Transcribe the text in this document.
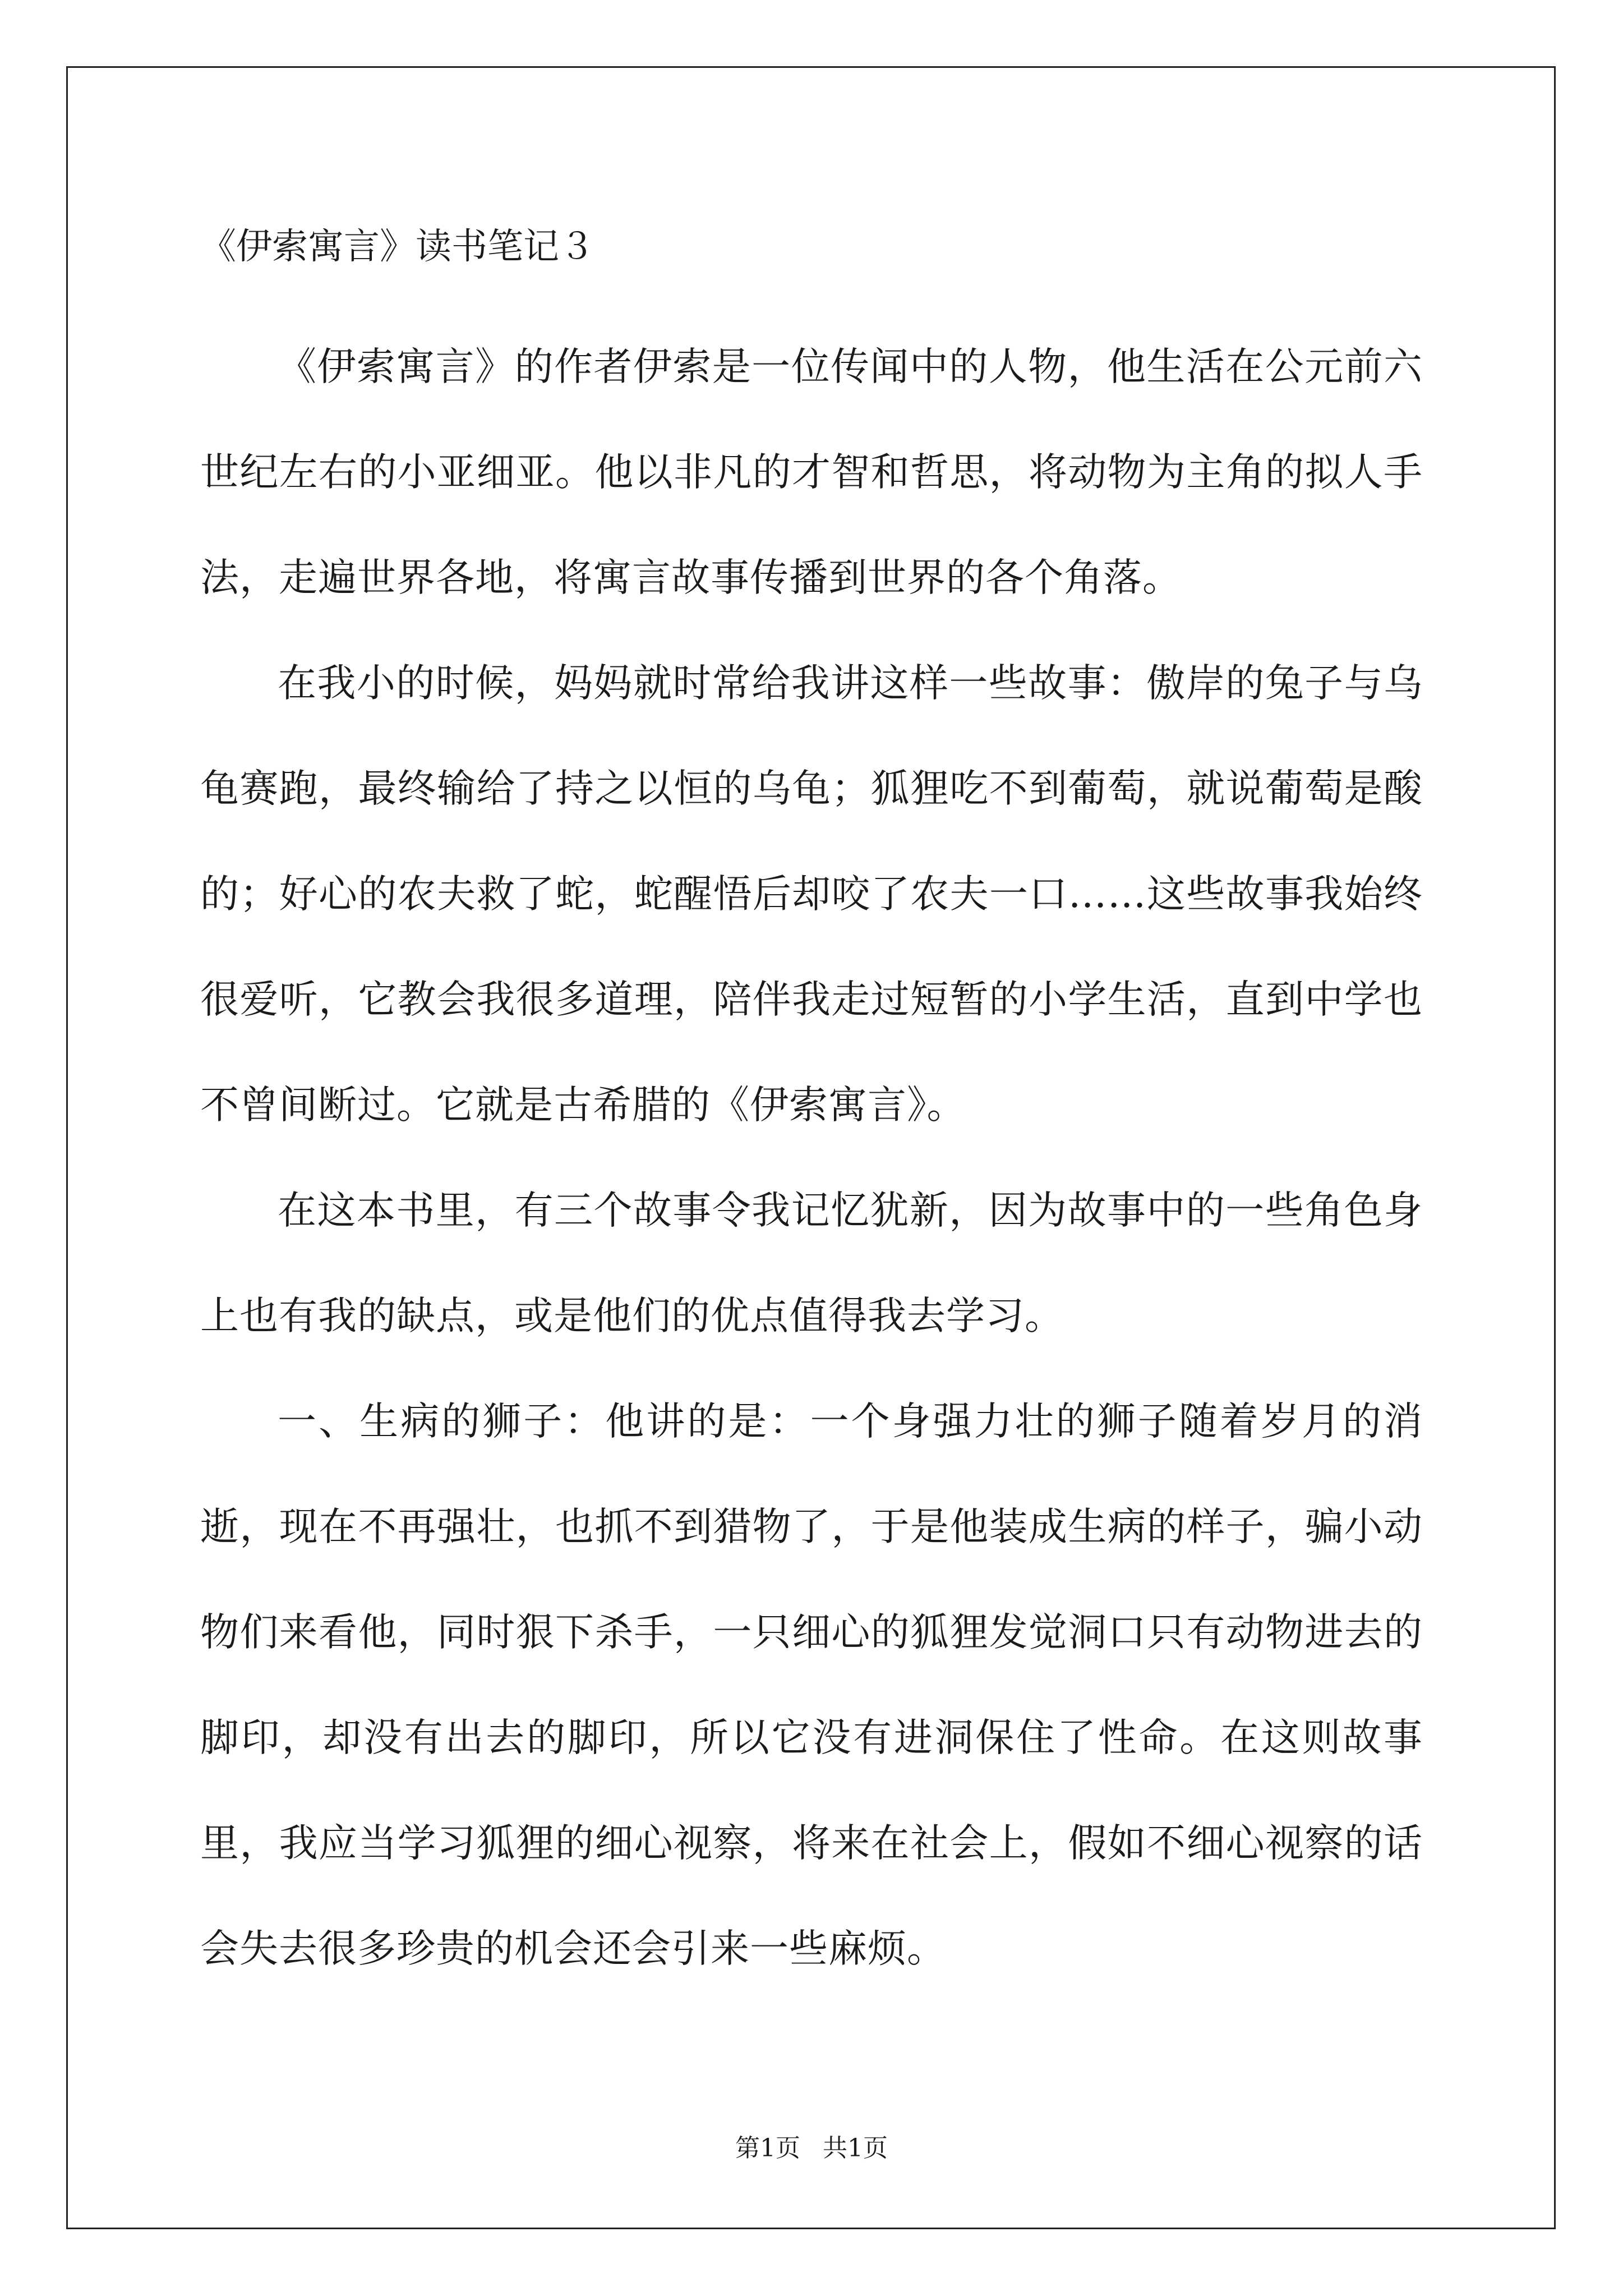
《伊索寓言》读书笔记３

《伊索寓言》的作者伊索是一位传闻中的人物，他生活在公元前六世纪左右的小亚细亚。他以非凡的才智和哲思，将动物为主角的拟人手法，走遍世界各地，将寓言故事传播到世界的各个角落。

在我小的时候，妈妈就时常给我讲这样一些故事：傲岸的兔子与乌龟赛跑，最终输给了持之以恒的乌龟；狐狸吃不到葡萄，就说葡萄是酸的；好心的农夫救了蛇，蛇醒悟后却咬了农夫一口……这些故事我始终很爱听，它教会我很多道理，陪伴我走过短暂的小学生活，直到中学也不曾间断过。它就是古希腊的《伊索寓言》。

在这本书里，有三个故事令我记忆犹新，因为故事中的一些角色身上也有我的缺点，或是他们的优点值得我去学习。

一、生病的狮子：他讲的是：一个身强力壮的狮子随着岁月的消逝，现在不再强壮，也抓不到猎物了，于是他装成生病的样子，骗小动物们来看他，同时狠下杀手，一只细心的狐狸发觉洞口只有动物进去的脚印，却没有出去的脚印，所以它没有进洞保住了性命。在这则故事里，我应当学习狐狸的细心视察，将来在社会上，假如不细心视察的话会失去很多珍贵的机会还会引来一些麻烦。

第1页 共1页
